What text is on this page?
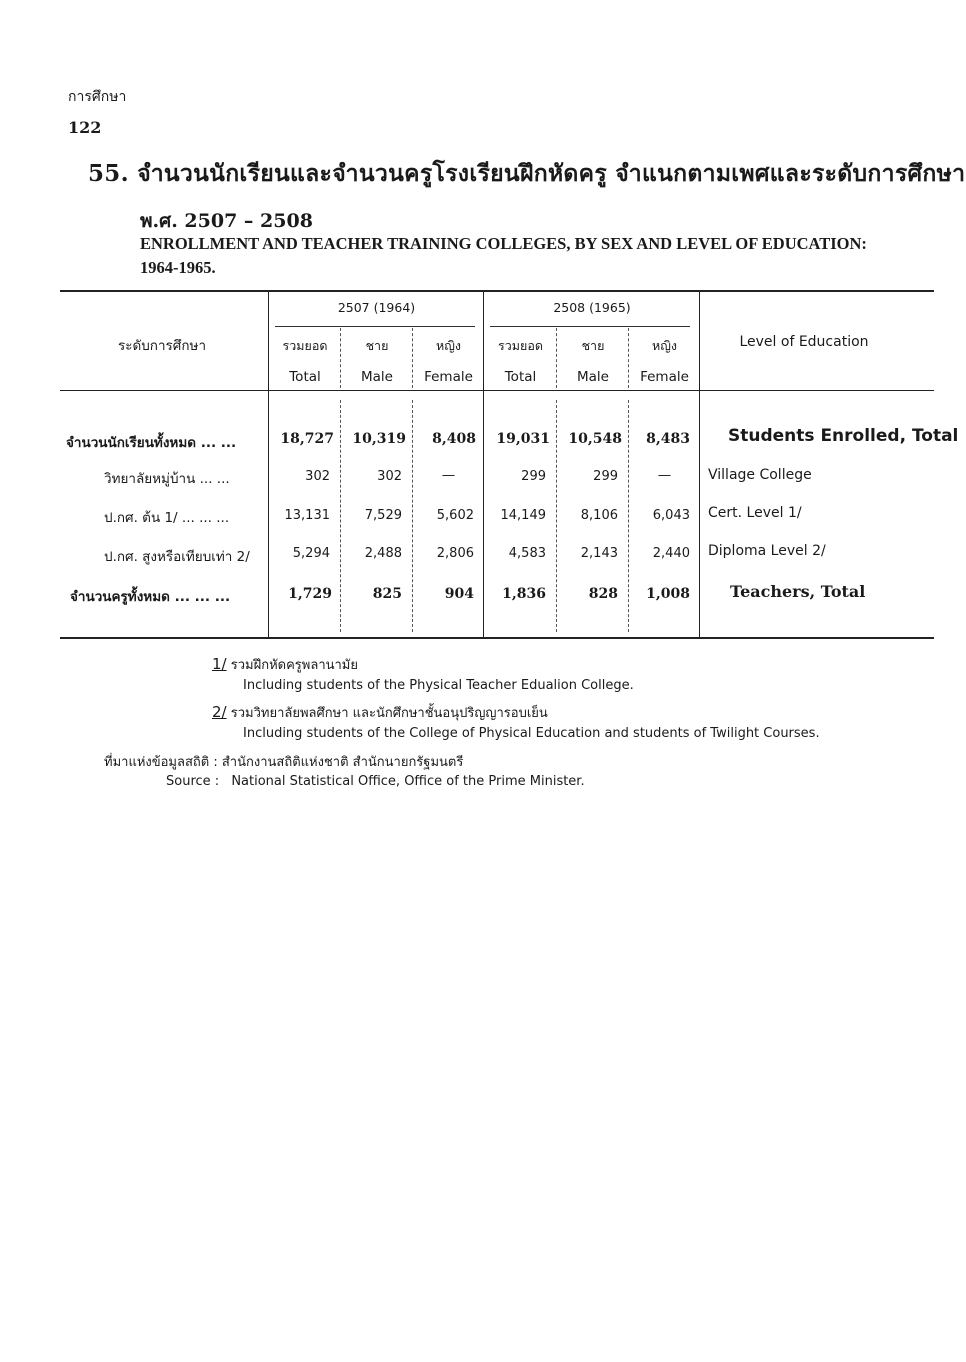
การศึกษา
122
55. จำนวนนักเรียนและจำนวนครูโรงเรียนฝึกหัดครู จำแนกตามเพศและระดับการศึกษา
พ.ศ. 2507 – 2508
ENROLLMENT AND TEACHER TRAINING COLLEGES, BY SEX AND LEVEL OF EDUCATION: 1964-1965.
ระดับการศึกษา	Level of Education
2507 (1964)	2508 (1965)
รวมยอด	ชาย	หญิง	รวมยอด	ชาย	หญิง
Total	Male	Female	Total	Male	Female
จำนวนนักเรียนทั้งหมด ... ...	18,727	10,319	8,408	19,031	10,548	8,483 Students Enrolled, Total
วิทยาลัยหมู่บ้าน ... ...	302	302	—	299	299	—	Village College
ป.กศ. ต้น 1/ ... ... ...	13,131	7,529	5,602	14,149	8,106	6,043 Cert. Level 1/
ป.กศ. สูงหรือเทียบเท่า 2/	5,294	2,488	2,806	4,583	2,143	2,440 Diploma Level 2/
จำนวนครูทั้งหมด ... ... ...	1,729	825	904	1,836	828	1,008	Teachers, Total
1/ รวมฝึกหัดครูพลานามัย
Including students of the Physical Teacher Edualion College.
2/ รวมวิทยาลัยพลศึกษา และนักศึกษาชั้นอนุปริญญารอบเย็น
Including students of the College of Physical Education and students of Twilight Courses.
ที่มาแห่งข้อมูลสถิติ : สำนักงานสถิติแห่งชาติ สำนักนายกรัฐมนตรี
Source : National Statistical Office, Office of the Prime Minister.
